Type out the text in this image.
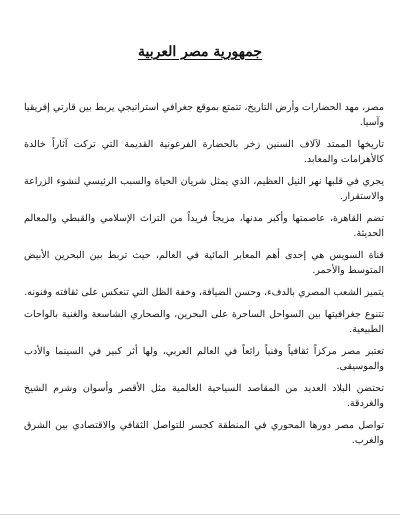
جمهورية مصر العربية

مصر، مهد الحضارات وأرض التاريخ، تتمتع بموقع جغرافي استراتيجي يربط بين قارتي إفريقيا وآسيا.

تاريخها الممتد لآلاف السنين زخر بالحضارة الفرعونية القديمة التي تركت آثاراً خالدة كالأهرامات والمعابد.

يجري في قلبها نهر النيل العظيم، الذي يمثل شريان الحياة والسبب الرئيسي لنشوء الزراعة والاستقرار.

تضم القاهرة، عاصمتها وأكبر مدنها، مزيجاً فريداً من التراث الإسلامي والقبطي والمعالم الحديثة.

قناة السويس هي إحدى أهم المعابر المائية في العالم، حيث تربط بين البحرين الأبيض المتوسط والأحمر.

يتميز الشعب المصري بالدفء، وحسن الضيافة، وخفة الظل التي تنعكس على ثقافته وفنونه.

تتنوع جغرافيتها بين السواحل الساحرة على البحرين، والصحاري الشاسعة والغنية بالواحات الطبيعية.

تعتبر مصر مركزاً ثقافياً وفنياً رائعاً في العالم العربي، ولها أثر كبير في السينما والأدب والموسيقى.

تحتضن البلاد العديد من المقاصد السياحية العالمية مثل الأقصر وأسوان وشرم الشيخ والغردقة.

تواصل مصر دورها المحوري في المنطقة كجسر للتواصل الثقافي والاقتصادي بين الشرق والغرب.
